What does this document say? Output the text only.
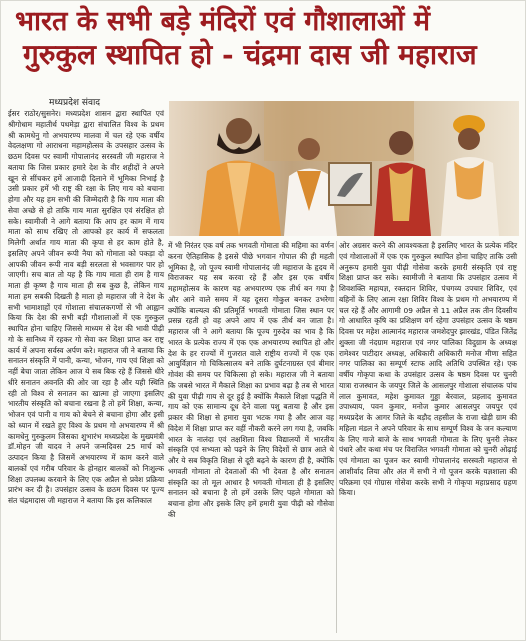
भारत के सभी बड़े मंदिरों एवं गौशालाओं में
गुरुकुल स्थापित हो - चंद्रमा दास जी महाराज
मध्यप्रदेश संवाद

ईसर राठोर/सुसनेर। मध्यप्रदेश शासन द्वारा स्थापित एवं श्रीगोधाम महातीर्थ पथमेड़ा द्वारा संचालित विश्व के प्रथम श्री कामधेनु गो अभयारण्य मालवा में चल रहे एक वर्षीय वेदलक्षणा गो आराधना महामहोत्सव के उपसहार उत्सव के छठम दिवस पर स्वामी गोपालानंद सरस्वती जी महाराज ने बताया कि जिस प्रकार हमारे देश के वीर शहीदों ने अपने खून से सींचकर हमें आजादी दिलाने में भूमिका निभाई है उसी प्रकार हमें भी राष्ट्र की रक्षा के लिए गाय को बचाना होगा और यह हम सभी की जिम्मेदारी है कि गाय माता की सेवा अच्छे से हो ताकि गाय माता सुरक्षित एवं संरक्षित हो सके। स्वामीजी ने आगे बताया कि आप हर काम में गाय माता को साथ रखिए तो आपको हर कार्य में सफलता मिलेगी अर्थात गाय माता की कृपा से हर काम होते है, इसलिए अपने जीवन रूपी नैया को गोमाता को पकड़ा दो आपकी जीवन रूपी नाव बड़ी सरलता से भवसागर पार हो जाएगी। सच बात तो यह है कि गाय माता ही राम है गाय माता ही कृष्ण है गाय माता ही सब कुछ है, लेकिन गाय माता हम सबकी दिखती है माता हो महाराज जी ने देश के सभी भामाशाहों एवं गोशाला संचालकगणों से भी आह्वान किया कि देश की सभी बड़ी गौशालाओं में एक गुरुकुल स्थापित होना चाहिए जिससे माध्यम से देश की भावी पीढ़ी गो के सानिध्य में रहकर गो सेवा कर शिक्षा प्राप्त कर राष्ट्र कार्य में अपना सर्वस्व अर्पण करे। महाराज जी ने बताया कि सनातन संस्कृति में पानी, कन्या, भोजन, गाय एवं शिक्षा को नहीं बेचा जाता लेकिन आज ये सब बिक रहे हैं जिससे धीरे धीरे सनातन अवनति की ओर जा रहा है और यही स्थिति रही तो विश्व से सनातन का खात्मा हो जाएगा इसलिए भारतीय संस्कृति को बचाना रखना है तो हमें शिक्षा, कन्या, भोजन एवं पानी व गाय को बेचने से बचाना होगा और इसी को ध्यान में रखते हुए विश्व के प्रथम गो अभयारण्य में श्री कामधेनु गुरुकुलम जिसका शुभारंभ मध्यप्रदेश के मुख्यमंत्री डॉ.मोहन जी यादव ने अपने जन्मदिवस 25 मार्च को उत्पादन किया है जिसमें अभयारण्य में काम करने वाले बालकों एवं गरीब परिवार के होनहार बालकों को निःशुल्क शिक्षा उपलब्ध करवाने के लिए एक अप्रैल से प्रवेश प्रक्रिया प्रारंभ कर दी है। उपसंहार उत्सव के छठम दिवस पर पूज्य संत चंद्रमादास जी महाराज ने बताया कि इस कलिकाल

में भी निरंतर एक वर्ष तक भगवती गोमाता की महिमा का वर्णन करना ऐतिहासिक है इससे पीछे भगवान गोपाल की ही महती भूमिका है, जो पूज्य स्वामी गोपालानंद जी महाराज के हृदय में विराजकर यह सब करवा रहे हैं और इस एक वर्षीय महामहोत्सव के कारण यह अभयारण्य एक तीर्थ बन गया है और आने वाले समय में यह दूसरा गोकुल बनकर उभरेगा क्योंकि बाल्यत्व की प्रतिमूर्ति भगवती गोमाता जिस स्थान पर प्रसन्न रहती हो वह अपने आप में एक तीर्थ बन जाता है। महाराज जी ने आगे बताया कि पूज्य गुरुदेव का भाव है कि भारत के प्रत्येक राज्य में एक एक अभयारण्य स्थापित हो और देश के हर राज्यों में गुजरात वाले राष्ट्रीय राज्यों में एक एक आयुर्विज्ञान गो चिकित्सालय बने ताकि दुर्घटनाग्रस्त एवं बीमार गोवंश की समय पर चिकित्सा हो सके। महाराज जी ने बताया कि जबसे भारत में मैकाले शिक्षा का प्रभाव बढ़ा है तब से भारत की युवा पीढ़ी गाय से दूर हुई है क्योंकि मैकाले शिक्षा पद्धति में गाय को एक सामान्य दूध देने वाला पशु बताया है और इस प्रकार की शिक्षा से हमारा युवा भटक गया है और आज वह विदेश में शिक्षा प्राप्त कर वहीं नौकरी करने लग गया है, जबकि भारत के नालंदा एवं तक्षशिला विश्व विद्यालयों में भारतीय संस्कृति एवं सभ्यता को पढ़ने के लिए विदेशों से छात्र आते थे और ये सब विकृति शिक्षा से दूरी बढ़ने के कारण ही है, क्योंकि भगवती गोमाता तो देवताओं की भी देवता है और सनातन संस्कृति का तो मूल आधार है भगवती गोमाता ही है इसलिए सनातन को बचाना है तो हमें उसके लिए पहले गोमाता को बचाना होगा और इसके लिए हमें हमारी युवा पीढ़ी को गौसेवा की

ओर अग्रसर करने की आवश्यकता है इसलिए भारत के प्रत्येक मंदिर एवं गोशालाओं में एक एक गुरुकुल स्थापित होना चाहिए ताकि उसी अनुरूप हमारी युवा पीढ़ी गोसेवा करके हमारी संस्कृति एवं राष्ट्र शिक्षा प्राप्त कर सके। स्वामीजी ने बताया कि उपसंहार उत्सव में शिवशक्ति महायज्ञ, रक्तदान शिविर, पंचगव्य उपचार शिविर, एवं बहिनों के लिए आत्म रक्षा शिविर विश्व के प्रथम गो अभयारण्य में चल रहे हैं और आगामी 09 अप्रैल से 11 अप्रैल तक तीन दिवसीय गो आधारित कृषि का प्रशिक्षण वर्ग रहेगा उपसंहार उत्सव के षष्ठम दिवस पर महेश आत्मानंद महाराज जमशेदपुर झारखंड, पंडित जितेंद्र शुक्ला जी नंदग्राम महाराज एवं नगर पालिका विदुग्राम के अध्यक्ष रामेश्वर पाटीदार अध्यक्ष, अधिकारी अधिकारी मनोज मीणा सहित नगर पालिका का सम्पूर्ण स्टाफ आदि अतिथि उपस्थित रहे। एक वर्षीय गोकृपा कथा के उपसंहार उत्सव के षष्ठम दिवस पर चुनरी यात्रा राजस्थान के जयपुर जिले के आसलपुर गोशाला संचालक पांच लाल कुमावत, महेश कुमावत गुड्डा बेरवाल, प्रहलाद कुमावत उपाध्याय, पवन कुमार, मनोज कुमार आसलपुर जयपुर एवं मध्यप्रदेश के आगर जिले के बड़ौद तहसील के राजा खेड़ी ग्राम की महिला मंडल ने अपने परिवार के साथ सम्पूर्ण विश्व के जन कल्याण के लिए गाजे बाजे के साथ भगवती गोमाता के लिए चुनरी लेकर पंधारे और कथा मंच पर विराजित भगवती गोमाता को चुनरी ओढ़ाई एवं गोमाता का पूजन कर स्वामी गोपालानंद सरस्वती महाराज से आशीर्वाद लिया और अंत में सभी ने गो पूजन करके यज्ञशाला की परिक्रमा एवं गोग्रास गोसेवा करके सभी ने गोकृपा महाप्रसाद ग्रहण किया।
